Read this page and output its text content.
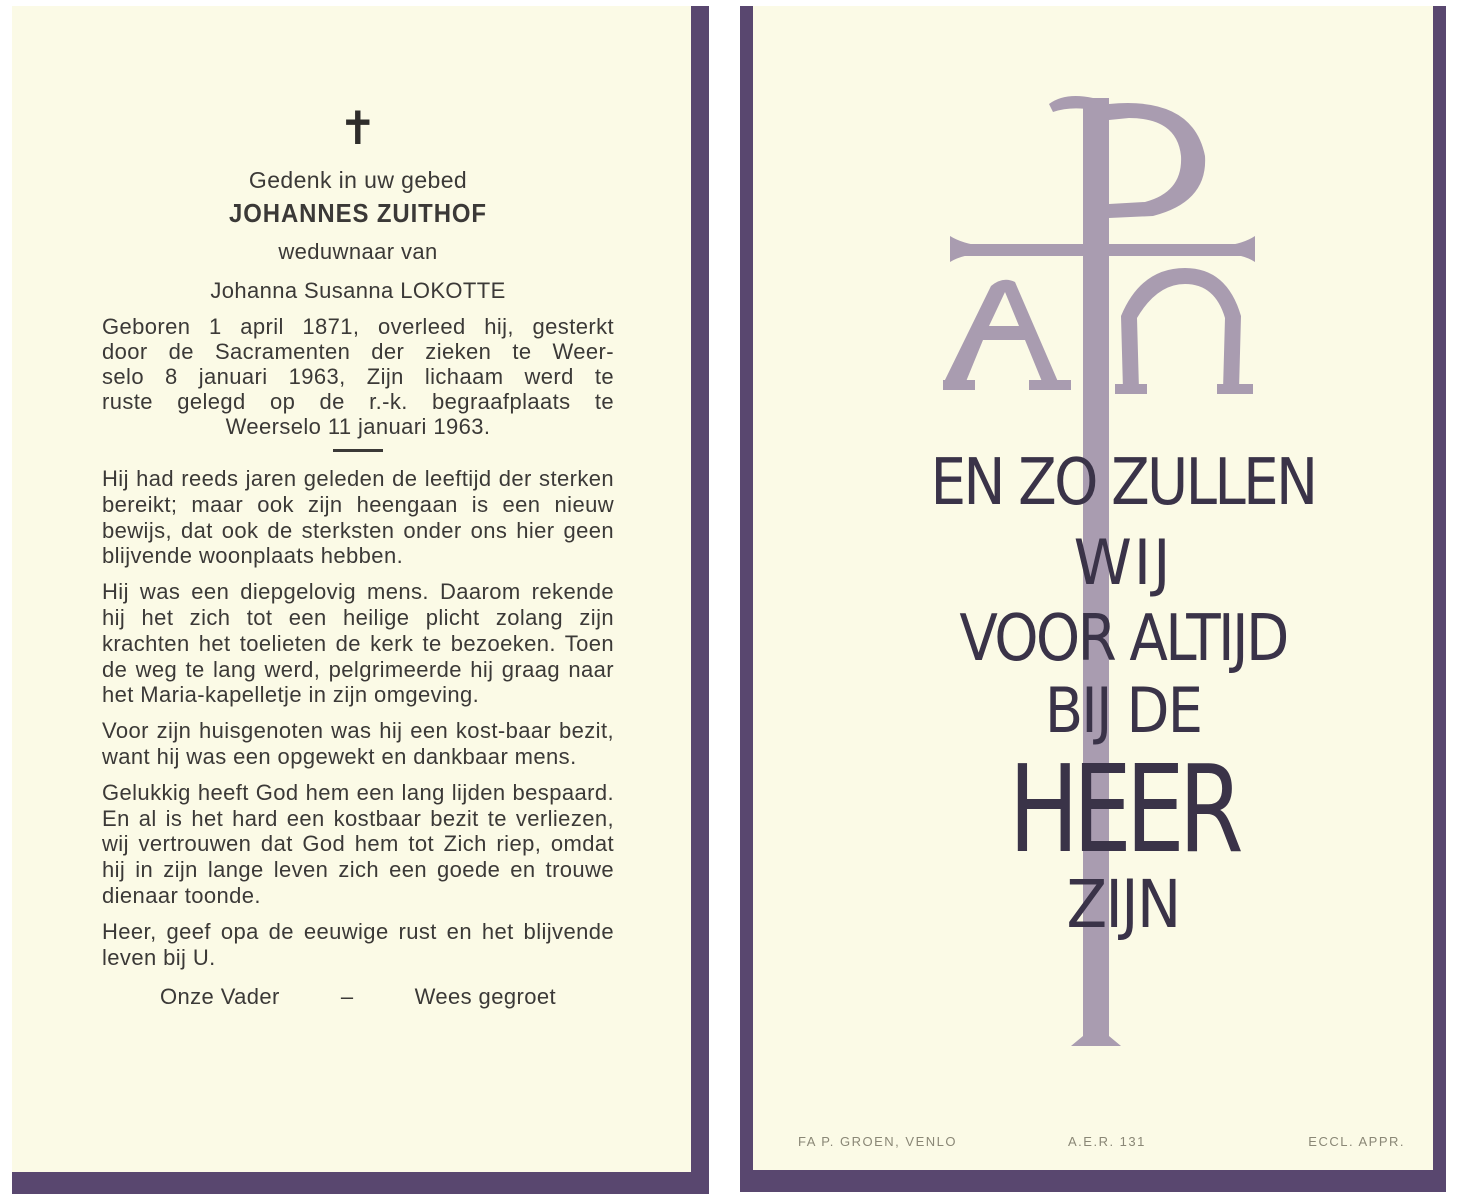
✝
Gedenk in uw gebed
JOHANNES ZUITHOF
weduwnaar van
Johanna Susanna LOKOTTE
Geboren 1 april 1871, overleed hij, gesterkt
door de Sacramenten der zieken te Weer-
selo 8 januari 1963, Zijn lichaam werd te
ruste gelegd op de r.-k. begraafplaats te
Weerselo 11 januari 1963.

Hij had reeds jaren geleden de leeftijd der sterken bereikt; maar ook zijn heengaan is een nieuw bewijs, dat ook de sterksten onder ons hier geen blijvende woonplaats hebben.

Hij was een diepgelovig mens. Daarom rekende hij het zich tot een heilige plicht zolang zijn krachten het toelieten de kerk te bezoeken. Toen de weg te lang werd, pelgrimeerde hij graag naar het Maria-kapelletje in zijn omgeving.

Voor zijn huisgenoten was hij een kost-baar bezit, want hij was een opgewekt en dankbaar mens.

Gelukkig heeft God hem een lang lijden bespaard. En al is het hard een kostbaar bezit te verliezen, wij vertrouwen dat God hem tot Zich riep, omdat hij in zijn lange leven zich een goede en trouwe dienaar toonde.

Heer, geef opa de eeuwige rust en het blijvende leven bij U.

Onze Vader	–	Wees gegroet
EN ZO ZULLEN
WIJ
VOOR ALTIJD
BIJ DE
HEER
ZIJN
FA P. GROEN, VENLO	A.E.R. 131	ECCL. APPR.
